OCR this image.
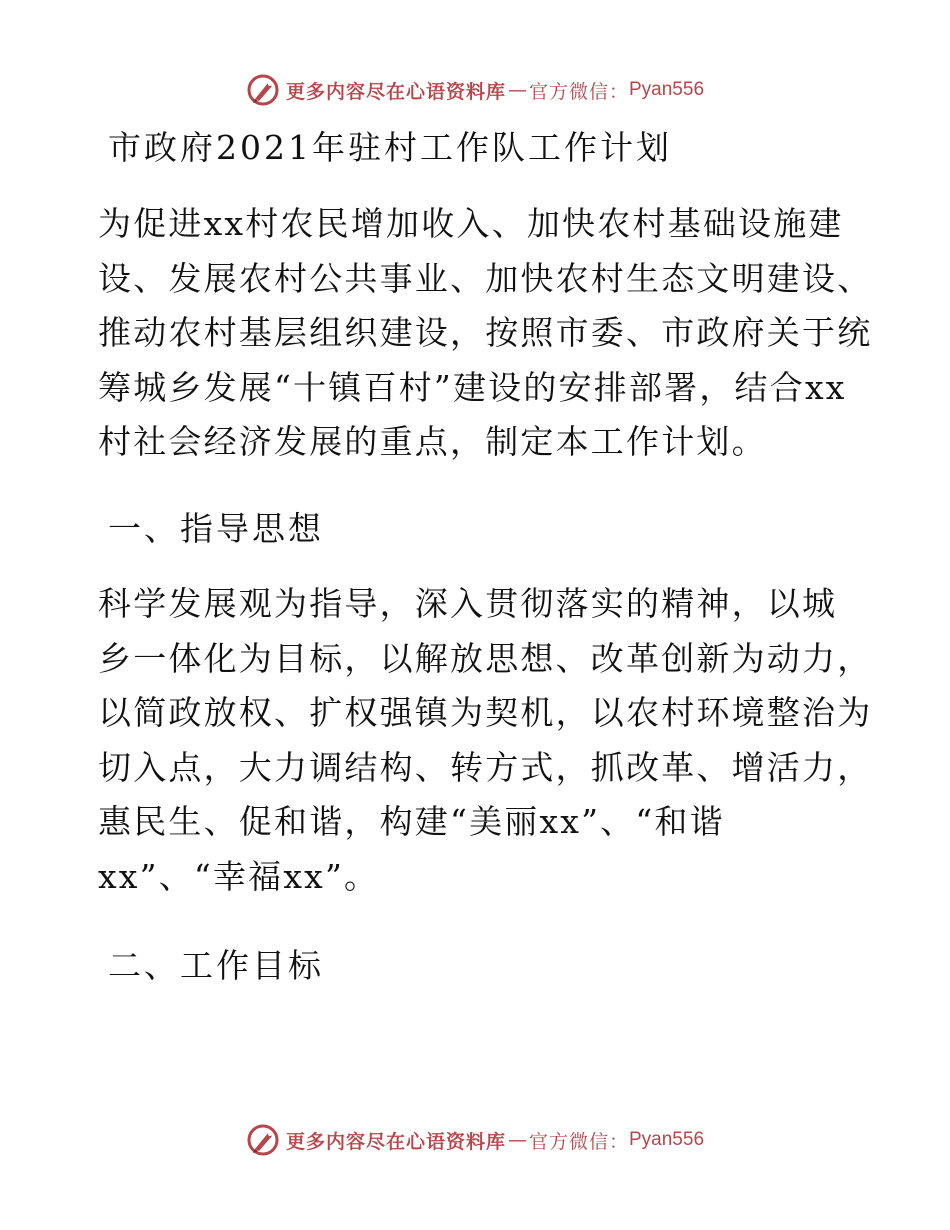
更多内容尽在心语资料库 — 官方微信： Pyan556
市政府2021年驻村工作队工作计划
为促进xx村农民增加收入、加快农村基础设施建
设、发展农村公共事业、加快农村生态文明建设、
推动农村基层组织建设，按照市委、市政府关于统
筹城乡发展“十镇百村”建设的安排部署，结合xx
村社会经济发展的重点，制定本工作计划。
一、指导思想
科学发展观为指导，深入贯彻落实的精神，以城
乡一体化为目标，以解放思想、改革创新为动力，
以简政放权、扩权强镇为契机，以农村环境整治为
切入点，大力调结构、转方式，抓改革、增活力，
惠民生、促和谐，构建“美丽xx”、“和谐
xx”、“幸福xx”。
二、工作目标
更多内容尽在心语资料库 — 官方微信： Pyan556
